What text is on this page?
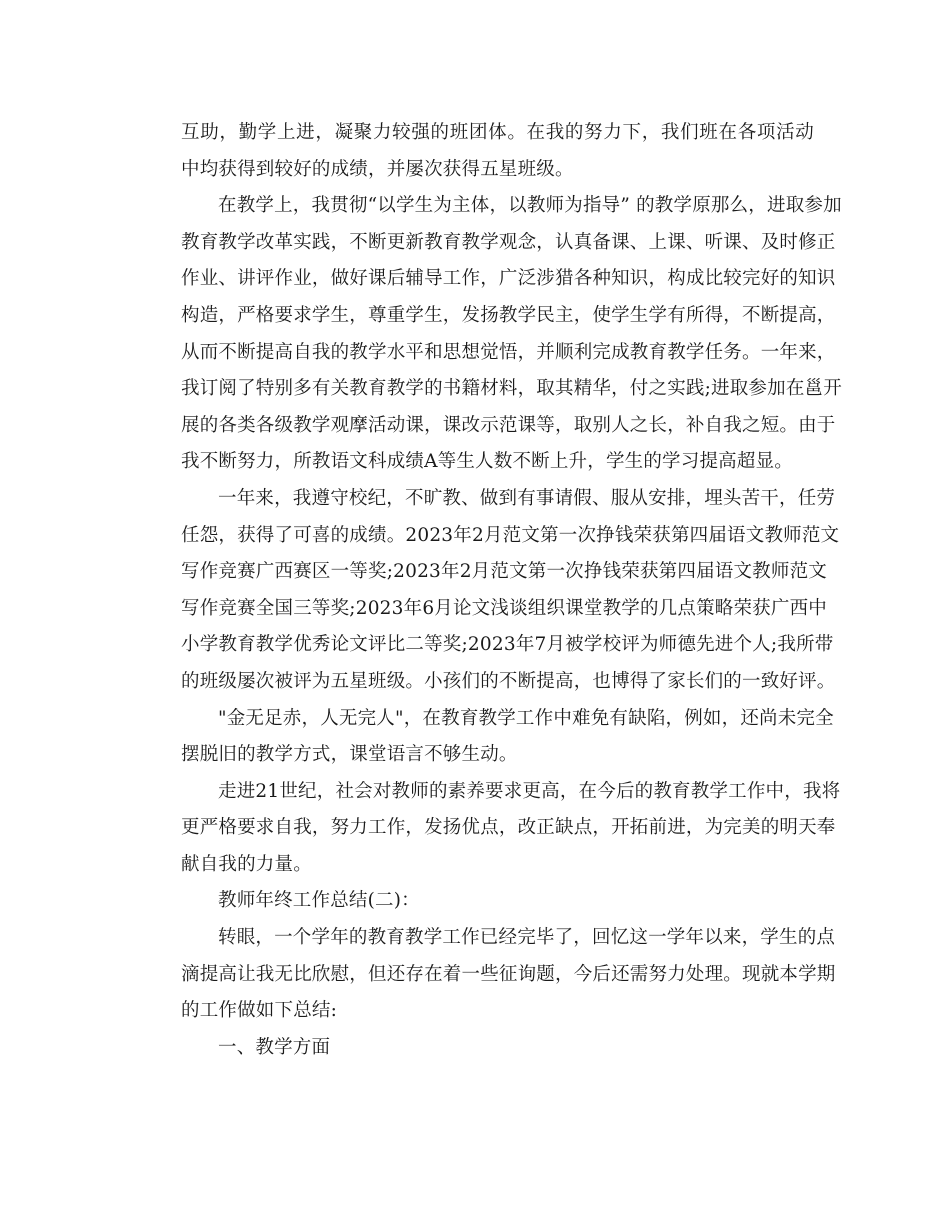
互助，勤学上进，凝聚力较强的班团体。在我的努力下，我们班在各项活动
中均获得到较好的成绩，并屡次获得五星班级。

在教学上，我贯彻“以学生为主体，以教师为指导” 的教学原那么，进取参加
教育教学改革实践，不断更新教育教学观念，认真备课、上课、听课、及时修正
作业、讲评作业，做好课后辅导工作，广泛涉猎各种知识，构成比较完好的知识
构造，严格要求学生，尊重学生，发扬教学民主，使学生学有所得，不断提高，
从而不断提高自我的教学水平和思想觉悟，并顺利完成教育教学任务。一年来，
我订阅了特别多有关教育教学的书籍材料，取其精华，付之实践;进取参加在邕开
展的各类各级教学观摩活动课，课改示范课等，取别人之长，补自我之短。由于
我不断努力，所教语文科成绩A等生人数不断上升，学生的学习提高超显。

一年来，我遵守校纪，不旷教、做到有事请假、服从安排，埋头苦干，任劳
任怨，获得了可喜的成绩。2023年2月范文第一次挣钱荣获第四届语文教师范文
写作竞赛广西赛区一等奖;2023年2月范文第一次挣钱荣获第四届语文教师范文
写作竞赛全国三等奖;2023年6月论文浅谈组织课堂教学的几点策略荣获广西中
小学教育教学优秀论文评比二等奖;2023年7月被学校评为师德先进个人;我所带
的班级屡次被评为五星班级。小孩们的不断提高，也博得了家长们的一致好评。

"金无足赤，人无完人"，在教育教学工作中难免有缺陷，例如，还尚未完全
摆脱旧的教学方式，课堂语言不够生动。

走进21世纪，社会对教师的素养要求更高，在今后的教育教学工作中，我将
更严格要求自我，努力工作，发扬优点，改正缺点，开拓前进，为完美的明天奉
献自我的力量。

教师年终工作总结(二)：

转眼，一个学年的教育教学工作已经完毕了，回忆这一学年以来，学生的点
滴提高让我无比欣慰，但还存在着一些征询题，今后还需努力处理。现就本学期
的工作做如下总结:

一、教学方面
